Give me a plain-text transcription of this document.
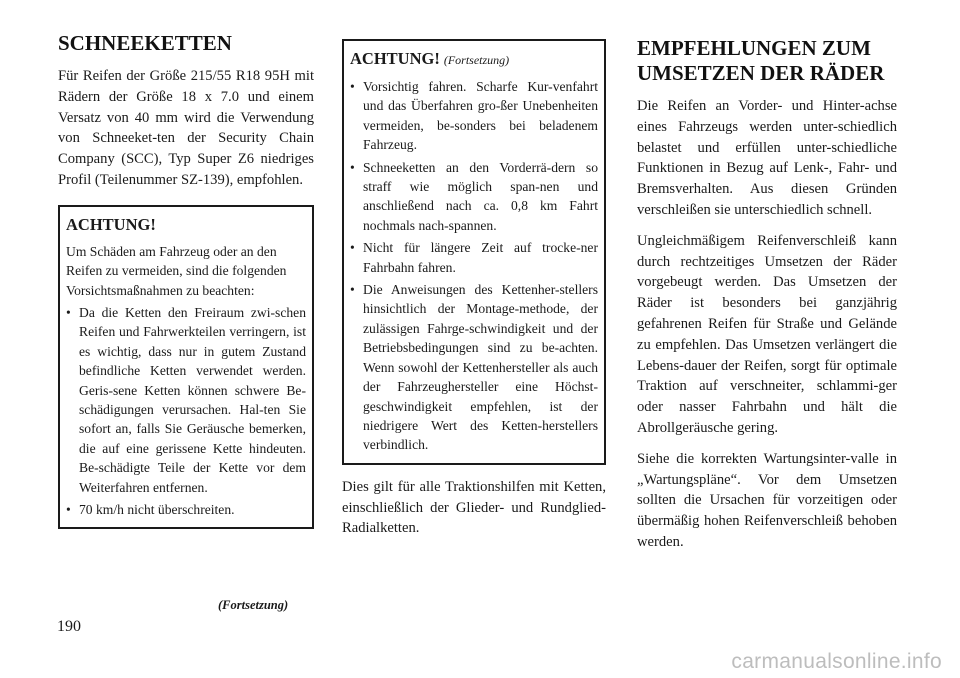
SCHNEEKETTEN

Für Reifen der Größe 215/55 R18 95H mit Rädern der Größe 18 x 7.0 und einem Versatz von 40 mm wird die Verwendung von Schneeket-ten der Security Chain Company (SCC), Typ Super Z6 niedriges Profil (Teilenummer SZ-139), empfohlen.

ACHTUNG!

Um Schäden am Fahrzeug oder an den Reifen zu vermeiden, sind die folgenden Vorsichtsmaßnahmen zu beachten:

• Da die Ketten den Freiraum zwi-schen Reifen und Fahrwerkteilen verringern, ist es wichtig, dass nur in gutem Zustand befindliche Ketten verwendet werden. Geris-sene Ketten können schwere Be-schädigungen verursachen. Hal-ten Sie sofort an, falls Sie Geräusche bemerken, die auf eine gerissene Kette hindeuten. Be-schädigte Teile der Kette vor dem Weiterfahren entfernen.
• 70 km/h nicht überschreiten.
(Fortsetzung)
ACHTUNG! (Fortsetzung)
• Vorsichtig fahren. Scharfe Kur-venfahrt und das Überfahren gro-ßer Unebenheiten vermeiden, be-sonders bei beladenem Fahrzeug.
• Schneeketten an den Vorderrä-dern so straff wie möglich span-nen und anschließend nach ca. 0,8 km Fahrt nochmals nach-spannen.
• Nicht für längere Zeit auf trocke-ner Fahrbahn fahren.
• Die Anweisungen des Kettenher-stellers hinsichtlich der Montage-methode, der zulässigen Fahrge-schwindigkeit und der Betriebsbedingungen sind zu be-achten. Wenn sowohl der Kettenhersteller als auch der Fahrzeughersteller eine Höchst-geschwindigkeit empfehlen, ist der niedrigere Wert des Ketten-herstellers verbindlich.

Dies gilt für alle Traktionshilfen mit Ketten, einschließlich der Glieder- und Rundglied-Radialketten.

EMPFEHLUNGEN ZUM UMSETZEN DER RÄDER

Die Reifen an Vorder- und Hinter-achse eines Fahrzeugs werden unter-schiedlich belastet und erfüllen unter-schiedliche Funktionen in Bezug auf Lenk-, Fahr- und Bremsverhalten. Aus diesen Gründen verschleißen sie unterschiedlich schnell.

Ungleichmäßigem Reifenverschleiß kann durch rechtzeitiges Umsetzen der Räder vorgebeugt werden. Das Umsetzen der Räder ist besonders bei ganzjährig gefahrenen Reifen für Straße und Gelände zu empfehlen. Das Umsetzen verlängert die Lebens-dauer der Reifen, sorgt für optimale Traktion auf verschneiter, schlammi-ger oder nasser Fahrbahn und hält die Abrollgeräusche gering.

Siehe die korrekten Wartungsinter-valle in „Wartungspläne“. Vor dem Umsetzen sollten die Ursachen für vorzeitigen oder übermäßig hohen Reifenverschleiß behoben werden.

190
carmanualsonline.info
